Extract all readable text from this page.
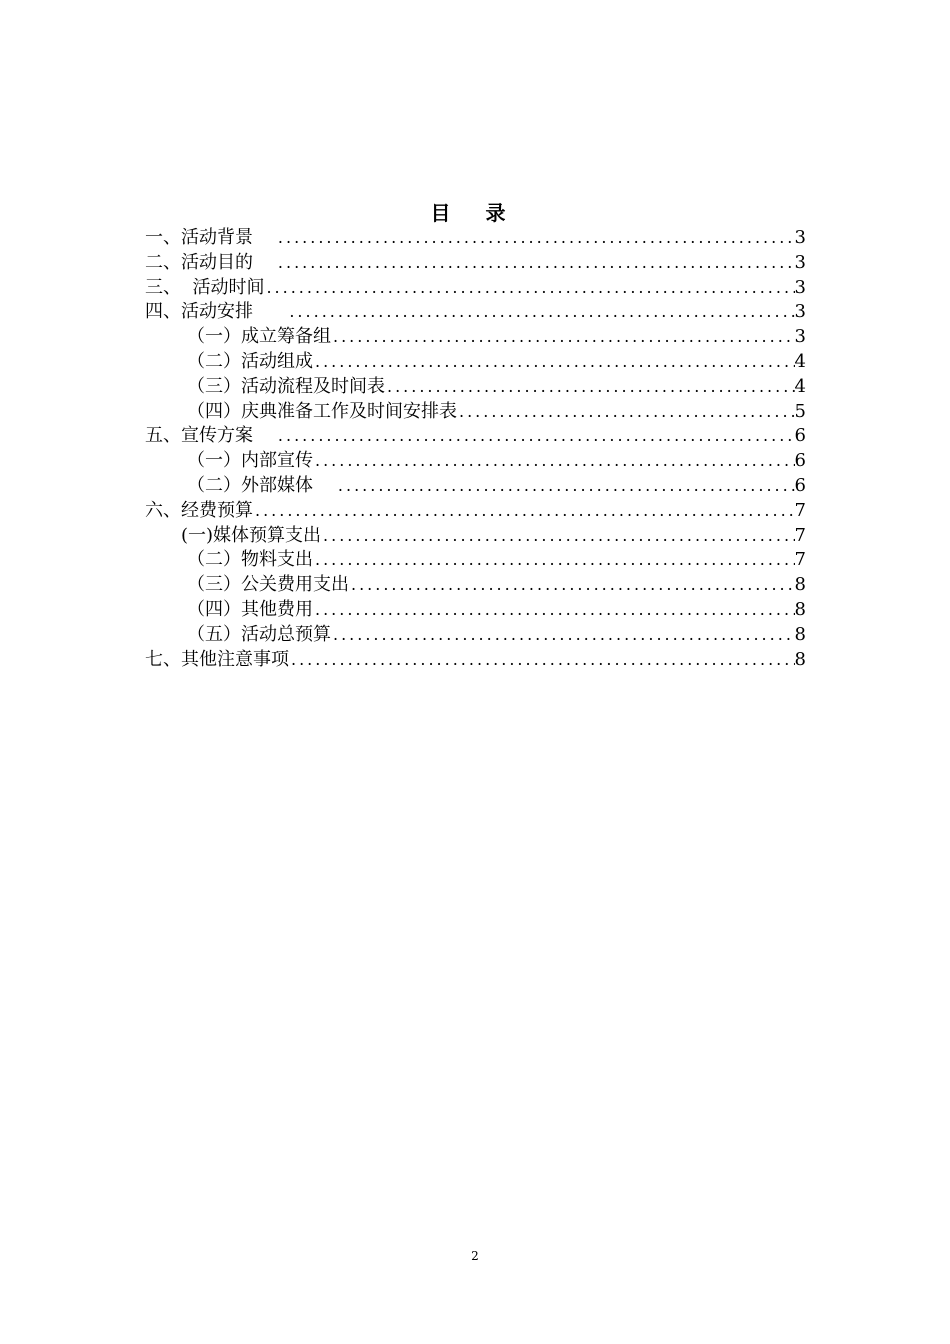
目 录
一、活动背景 .....	3
二、活动目的 .....	3
三、  活动时间 .....	3
四、活动安排 .....	3
（一）成立筹备组 .....	3
（二）活动组成 .....	4
（三）活动流程及时间表 .....	4
（四）庆典准备工作及时间安排表 .....	5
五、宣传方案 .....	6
（一）内部宣传 .....	6
（二）外部媒体 .....	6
六、经费预算 .....	7
(一)媒体预算支出 .....	7
（二）物料支出 .....	7
（三）公关费用支出 .....	8
（四）其他费用 .....	8
（五）活动总预算 .....	8
七、其他注意事项 .....	8
2
